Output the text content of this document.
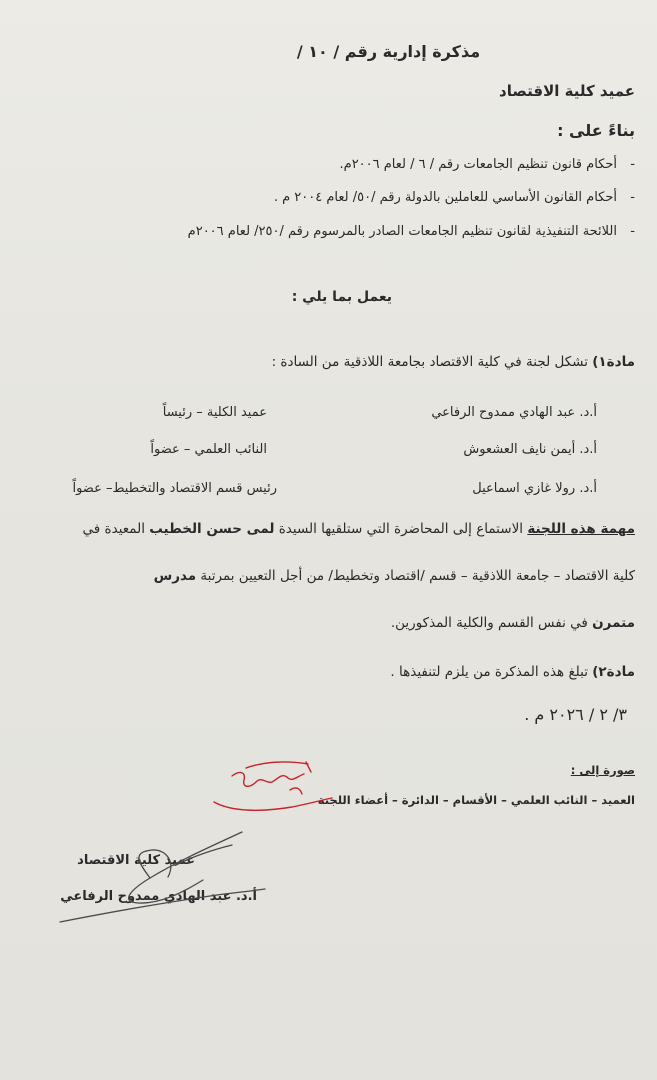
مذكرة إدارية رقم / ١٠ /
عميد كلية الاقتصاد
بناءً على :
-
أحكام قانون تنظيم الجامعات رقم / ٦ / لعام ٢٠٠٦م.
-
أحكام القانون الأساسي للعاملين بالدولة رقم /٥٠/ لعام ٢٠٠٤ م .
-
اللائحة التنفيذية لقانون تنظيم الجامعات الصادر بالمرسوم رقم /٢٥٠/ لعام ٢٠٠٦م
يعمل بما يلي :
مادة١) تشكل لجنة في كلية الاقتصاد بجامعة اللاذقية من السادة :
أ.د. عبد الهادي ممدوح الرفاعي
عميد الكلية – رئيساً
أ.د. أيمن نايف العشعوش
النائب العلمي – عضواً
أ.د. رولا غازي اسماعيل
رئيس قسم الاقتصاد والتخطيط– عضواً
مهمة هذه اللجنة الاستماع إلى المحاضرة التي ستلقيها السيدة لمى حسن الخطيب المعيدة في
كلية الاقتصاد – جامعة اللاذقية – قسم /اقتصاد وتخطيط/ من أجل التعيين بمرتبة مدرس
متمرن في نفس القسم والكلية المذكورين.
مادة٢) تبلغ هذه المذكرة من يلزم لتنفيذها .
٣/ ٢ / ٢٠٢٦ م .
صورة إلى :
العميد – النائب العلمي – الأقسام – الدائرة – أعضاء اللجنة
عميد كلية الاقتصاد
أ.د. عبد الهادي ممدوح الرفاعي
